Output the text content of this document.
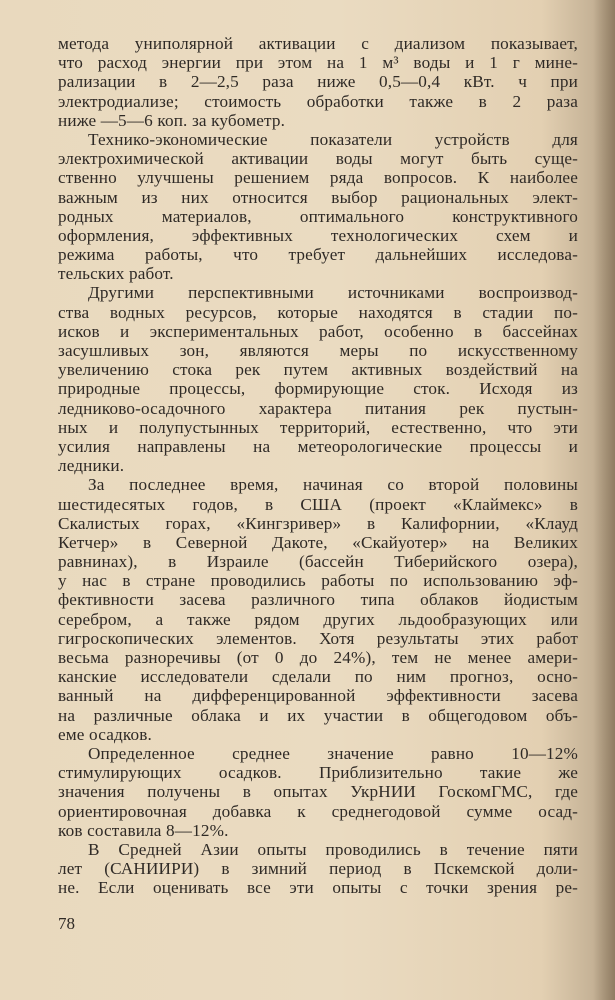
метода униполярной активации с диализом показывает,
что расход энергии при этом на 1 м³ воды и 1 г мине-
рализации в 2—2,5 раза ниже 0,5—0,4 кВт. ч при
электродиализе; стоимость обработки также в 2 раза
ниже —5—6 коп. за кубометр.
Технико-экономические показатели устройств для
электрохимической активации воды могут быть суще-
ственно улучшены решением ряда вопросов. К наиболее
важным из них относится выбор рациональных элект-
родных материалов, оптимального конструктивного
оформления, эффективных технологических схем и
режима работы, что требует дальнейших исследова-
тельских работ.
Другими перспективными источниками воспроизвод-
ства водных ресурсов, которые находятся в стадии по-
исков и экспериментальных работ, особенно в бассейнах
засушливых зон, являются меры по искусственному
увеличению стока рек путем активных воздействий на
природные процессы, формирующие сток. Исходя из
ледниково-осадочного характера питания рек пустын-
ных и полупустынных территорий, естественно, что эти
усилия направлены на метеорологические процессы и
ледники.
За последнее время, начиная со второй половины
шестидесятых годов, в США (проект «Клаймекс» в
Скалистых горах, «Кингзривер» в Калифорнии, «Клауд
Кетчер» в Северной Дакоте, «Скайуотер» на Великих
равнинах), в Израиле (бассейн Тиберийского озера),
у нас в стране проводились работы по использованию эф-
фективности засева различного типа облаков йодистым
серебром, а также рядом других льдообразующих или
гигроскопических элементов. Хотя результаты этих работ
весьма разноречивы (от 0 до 24%), тем не менее амери-
канские исследователи сделали по ним прогноз, осно-
ванный на дифференцированной эффективности засева
на различные облака и их участии в общегодовом объ-
еме осадков.
Определенное среднее значение равно 10—12%
стимулирующих осадков. Приблизительно такие же
значения получены в опытах УкрНИИ ГоскомГМС, где
ориентировочная добавка к среднегодовой сумме осад-
ков составила 8—12%.
В Средней Азии опыты проводились в течение пяти
лет (САНИИРИ) в зимний период в Пскемской доли-
не. Если оценивать все эти опыты с точки зрения ре-
78
